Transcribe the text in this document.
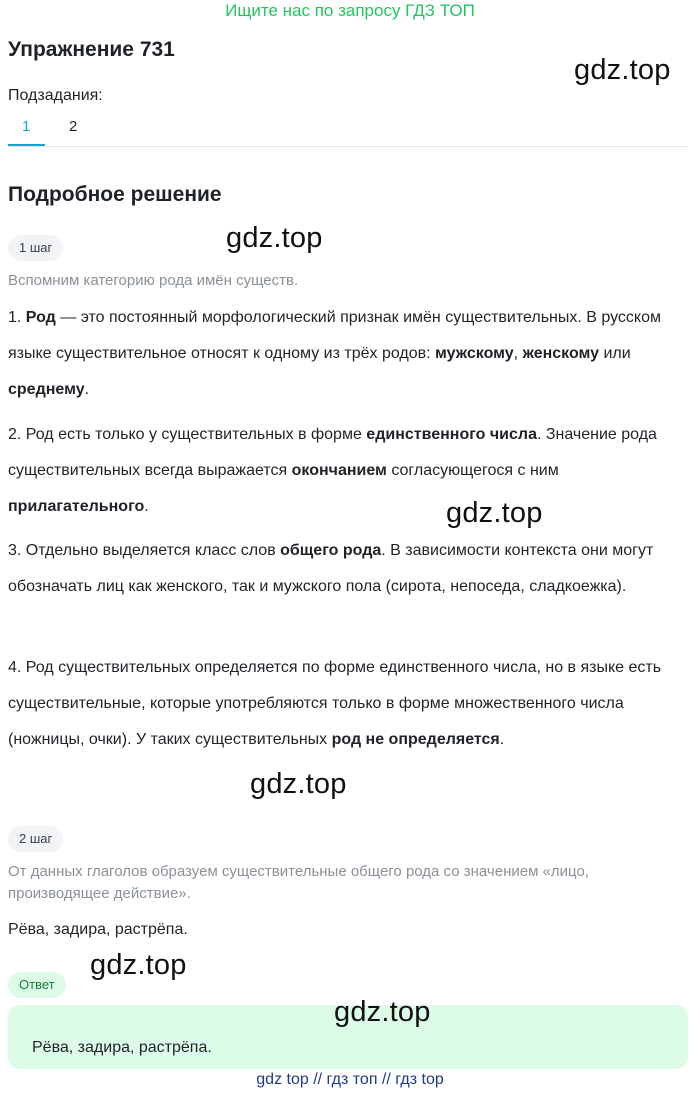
Ищите нас по запросу ГДЗ ТОП
Упражнение 731
gdz.top
Подзадания:
1	2
Подробное решение
1 шаг	gdz.top
Вспомним категорию рода имён существ.
1. Род — это постоянный морфологический признак имён существительных. В русском языке существительное относят к одному из трёх родов: мужскому, женскому или среднему.
2. Род есть только у существительных в форме единственного числа. Значение рода существительных всегда выражается окончанием согласующегося с ним прилагательного.	gdz.top
3. Отдельно выделяется класс слов общего рода. В зависимости контекста они могут обозначать лиц как женского, так и мужского пола (сирота, непоседа, сладкоежка).
4. Род существительных определяется по форме единственного числа, но в языке есть существительные, которые употребляются только в форме множественного числа (ножницы, очки). У таких существительных род не определяется.
gdz.top
2 шаг
От данных глаголов образуем существительные общего рода со значением «лицо, производящее действие».
Рёва, задира, растрёпа.
Ответ
gdz.top
Рёва, задира, растрёпа.
gdz.top
gdz top // гдз топ // гдз top
